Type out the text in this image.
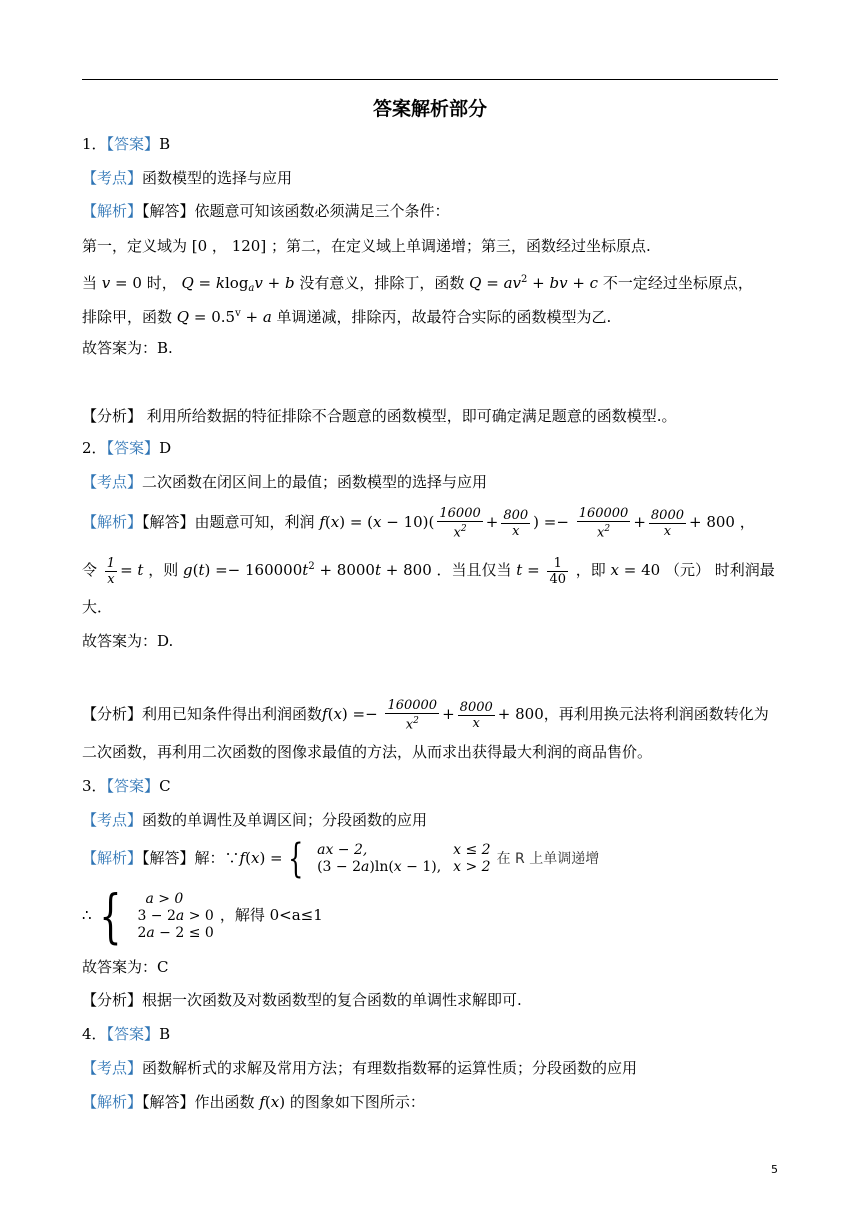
答案解析部分
1．【答案】B
【考点】函数模型的选择与应用
【解析】【解答】依题意可知该函数必须满足三个条件：
第一，定义域为 [0 ， 120] ；第二，在定义域上单调递增；第三，函数经过坐标原点.
当 v = 0 时， Q = klog$_a$v + b 没有意义，排除丁，函数 $Q = av^2$ + bv + c 不一定经过坐标原点，
排除甲，函数 $Q = 0.5^v + a$ 单调递减，排除丙，故最符合实际的函数模型为乙.
故答案为：B.
【分析】 利用所给数据的特征排除不合题意的函数模型，即可确定满足题意的函数模型.。
2．【答案】D
【考点】二次函数在闭区间上的最值；函数模型的选择与应用
【解析】【解答】由题意可知，利润 $f(x) = (x - 10)( \frac{16000}{x^2} + \frac{800}{x}$ ) =− $\frac{160000}{x^2} + \frac{8000}{x} + 800$ ，
令 $\frac{1}{x} = t$ ，则 $g(t) =- 160000t^2 + 8000t + 800$ ．当且仅当 $t = \frac{1}{40}$ ，即 x = 40 （元） 时利润最
大．
故答案为：D.
【分析】利用已知条件得出利润函数$f(x) =- \frac{160000}{x^2} + \frac{8000}{x} + 800$，再利用换元法将利润函数转化为
二次函数，再利用二次函数的图像求最值的方法，从而求出获得最大利润的商品售价。
3．【答案】C
【考点】函数的单调性及单调区间；分段函数的应用
【解析】【解答】解：∵f(x) = { ax − 2,	x ≤ 2
(3 − 2a)ln(x − 1),	x > 2 在 R 上单调递增
∴ { a > 0
3 − 2a > 0
2a − 2 ≤ 0
，解得 0<a≤1
故答案为：C
【分析】根据一次函数及对数函数型的复合函数的单调性求解即可.
4．【答案】B
【考点】函数解析式的求解及常用方法；有理数指数幂的运算性质；分段函数的应用
【解析】【解答】作出函数 f(x) 的图象如下图所示：
5
